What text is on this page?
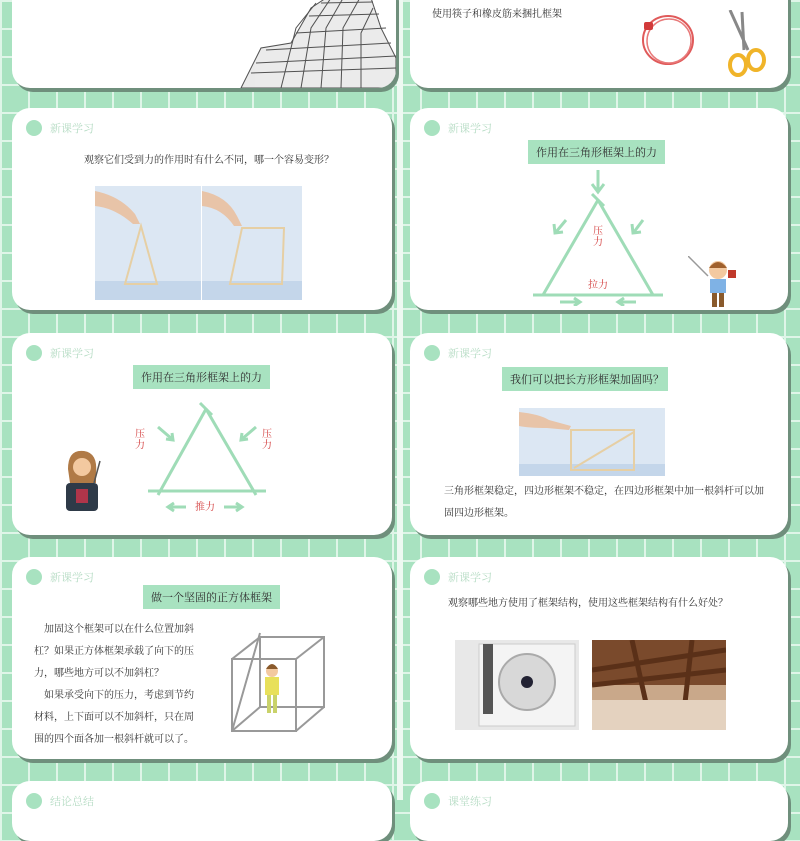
使用筷子和橡皮筋来捆扎框架
新课学习
观察它们受到力的作用时有什么不同，哪一个容易变形？
新课学习
作用在三角形框架上的力
压力
拉力
新课学习
作用在三角形框架上的力
压力
压力
推力
新课学习
我们可以把长方形框架加固吗？
三角形框架稳定，四边形框架不稳定，在四边形框架中加一根斜杆可以加固四边形框架。
新课学习
做一个坚固的正方体框架
加固这个框架可以在什么位置加斜杠？如果正方体框架承载了向下的压力，哪些地方可以不加斜杠？
如果承受向下的压力，考虑到节约材料，上下面可以不加斜杆，只在周围的四个面各加一根斜杆就可以了。
新课学习
观察哪些地方使用了框架结构，使用这些框架结构有什么好处？
结论总结	课堂练习
